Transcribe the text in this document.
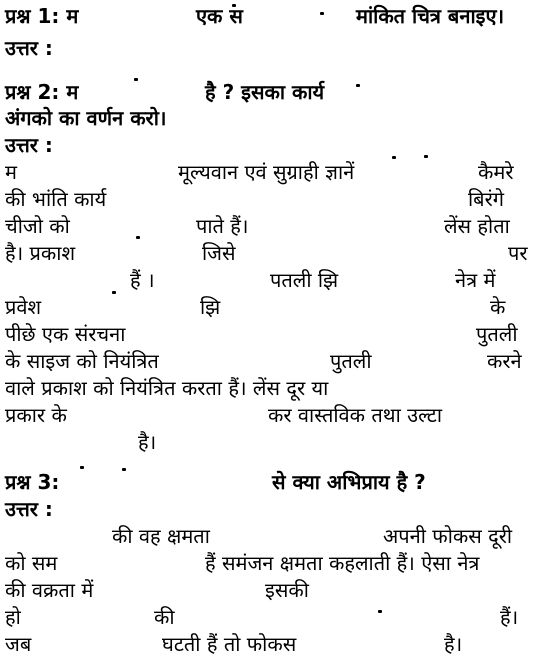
प्रश्न 1: म	एक स	मांकित चित्र बनाइए।
उत्तर :
प्रश्न 2: म	है ? इसका कार्य
अंगको का वर्णन करो।
उत्तर :
म	मूल्यवान एवं सुग्राही ज्ञानें	कैमरे
की भांति कार्य	बिरंगे
चीजो को	पाते हैं।	लेंस होता
है। प्रकाश	जिसे	पर
हैं ।	पतली झि	नेत्र में
प्रवेश	झि	के
पीछे एक संरचना	पुतली
के साइज को नियंत्रित	पुतली	करने
वाले प्रकाश को नियंत्रित करता हैं। लेंस दूर या
प्रकार के	कर वास्तविक तथा उल्टा
है।
प्रश्न 3:	से क्या अभिप्राय है ?
उत्तर :
की वह क्षमता	अपनी फोकस दूरी
को सम	हैं समंजन क्षमता कहलाती हैं। ऐसा नेत्र
की वक्रता में	इसकी
हो	की	हैं।
जब	घटती हैं तो फोकस	है।
